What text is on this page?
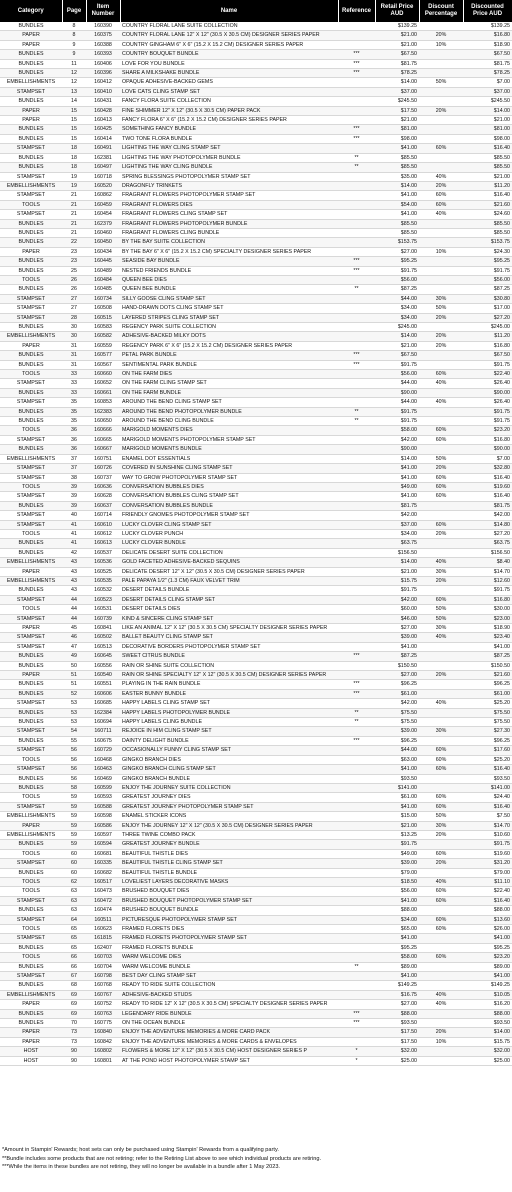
Category	Page	Item Number	Name	Reference	Retail Price AUD	Discount Percentage	Discounted Price AUD
BUNDLES	8	160390	COUNTRY FLORAL LANE SUITE COLLECTION		$139.25		$139.25
PAPER	8	160375	COUNTRY FLORAL LANE 12" X 12" (30.5 X 30.5 CM) DESIGNER SERIES PAPER		$21.00	20%	$16.80
PAPER	9	160388	COUNTRY GINGHAM 6" X 6" (15.2 X 15.2 CM) DESIGNER SERIES PAPER		$21.00	10%	$18.90
BUNDLES	9	160393	COUNTRY BOUQUET BUNDLE	***	$67.50		$67.50
BUNDLES	11	160406	LOVE FOR YOU BUNDLE	***	$81.75		$81.75
BUNDLES	12	160396	SHARE A MILKSHAKE BUNDLE	***	$78.25		$78.25
EMBELLISHMENTS	12	160412	OPAQUE ADHESIVE-BACKED GEMS		$14.00	50%	$7.00
STAMPSET	13	160410	LOVE CATS CLING STAMP SET		$37.00		$37.00
BUNDLES	14	160431	FANCY FLORA SUITE COLLECTION		$245.50		$245.50
PAPER	15	160428	FINE SHIMMER 12" X 12" (30.5 X 30.5 CM) PAPER PACK		$17.50	20%	$14.00
PAPER	15	160413	FANCY FLORA 6" X 6" (15.2 X 15.2 CM) DESIGNER SERIES PAPER		$21.00		$21.00
BUNDLES	15	160425	SOMETHING FANCY BUNDLE	***	$81.00		$81.00
BUNDLES	15	160414	TWO TONE FLORA BUNDLE	***	$98.00		$98.00
STAMPSET	18	160491	LIGHTING THE WAY CLING STAMP SET		$41.00	60%	$16.40
BUNDLES	18	162381	LIGHTING THE WAY PHOTOPOLYMER BUNDLE	**	$85.50		$85.50
BUNDLES	18	160497	LIGHTING THE WAY CLING BUNDLE	**	$85.50		$85.50
STAMPSET	19	160718	SPRING BLESSINGS PHOTOPOLYMER STAMP SET		$35.00	40%	$21.00
EMBELLISHMENTS	19	160520	DRAGONFLY TRINKETS		$14.00	20%	$11.20
STAMPSET	21	160862	FRAGRANT FLOWERS PHOTOPOLYMER STAMP SET		$41.00	60%	$16.40
TOOLS	21	160459	FRAGRANT FLOWERS DIES		$54.00	60%	$21.60
STAMPSET	21	160454	FRAGRANT FLOWERS CLING STAMP SET		$41.00	40%	$24.60
BUNDLES	21	162379	FRAGRANT FLOWERS PHOTOPOLYMER BUNDLE		$85.50		$85.50
BUNDLES	21	160460	FRAGRANT FLOWERS CLING BUNDLE		$85.50		$85.50
BUNDLES	22	160450	BY THE BAY SUITE COLLECTION		$153.75		$153.75
PAPER	23	160434	BY THE BAY 6" X 6" (15.2 X 15.2 CM) SPECIALTY DESIGNER SERIES PAPER		$27.00	10%	$24.30
BUNDLES	23	160445	SEASIDE BAY BUNDLE	***	$95.25		$95.25
BUNDLES	25	160489	NESTED FRIENDS BUNDLE	***	$91.75		$91.75
TOOLS	26	160484	QUEEN BEE DIES		$56.00		$56.00
BUNDLES	26	160485	QUEEN BEE BUNDLE	**	$87.25		$87.25
STAMPSET	27	160734	SILLY GOOSE CLING STAMP SET		$44.00	30%	$30.80
STAMPSET	27	160508	HAND-DRAWN DOTS CLING STAMP SET		$34.00	50%	$17.00
STAMPSET	28	160515	LAYERED STRIPES CLING STAMP SET		$34.00	20%	$27.20
BUNDLES	30	160583	REGENCY PARK SUITE COLLECTION		$245.00		$245.00
EMBELLISHMENTS	30	160582	ADHESIVE-BACKED MILKY DOTS		$14.00	20%	$11.20
PAPER	31	160559	REGENCY PARK 6" X 6" (15.2 X 15.2 CM) DESIGNER SERIES PAPER		$21.00	20%	$16.80
BUNDLES	31	160577	PETAL PARK BUNDLE	***	$67.50		$67.50
BUNDLES	31	160567	SENTIMENTAL PARK BUNDLE	***	$91.75		$91.75
TOOLS	33	160660	ON THE FARM DIES		$56.00	60%	$22.40
STAMPSET	33	160652	ON THE FARM CLING STAMP SET		$44.00	40%	$26.40
BUNDLES	33	160661	ON THE FARM BUNDLE		$90.00		$90.00
STAMPSET	35	160853	AROUND THE BEND CLING STAMP SET		$44.00	40%	$26.40
BUNDLES	35	162383	AROUND THE BEND PHOTOPOLYMER BUNDLE	**	$91.75		$91.75
BUNDLES	35	160650	AROUND THE BEND CLING BUNDLE	**	$91.75		$91.75
TOOLS	36	160666	MARIGOLD MOMENTS DIES		$58.00	60%	$23.20
STAMPSET	36	160665	MARIGOLD MOMENTS PHOTOPOLYMER STAMP SET		$42.00	60%	$16.80
BUNDLES	36	160667	MARIGOLD MOMENTS BUNDLE		$90.00		$90.00
EMBELLISHMENTS	37	160751	ENAMEL DOT ESSENTIALS		$14.00	50%	$7.00
STAMPSET	37	160726	COVERED IN SUNSHINE CLING STAMP SET		$41.00	20%	$32.80
STAMPSET	38	160737	WAY TO GROW PHOTOPOLYMER STAMP SET		$41.00	60%	$16.40
TOOLS	39	160636	CONVERSATION BUBBLES DIES		$49.00	60%	$19.60
STAMPSET	39	160628	CONVERSATION BUBBLES CLING STAMP SET		$41.00	60%	$16.40
BUNDLES	39	160637	CONVERSATION BUBBLES BUNDLE		$81.75		$81.75
STAMPSET	40	160714	FRIENDLY GNOMES PHOTOPOLYMER STAMP SET		$42.00		$42.00
STAMPSET	41	160610	LUCKY CLOVER CLING STAMP SET		$37.00	60%	$14.80
TOOLS	41	160612	LUCKY CLOVER PUNCH		$34.00	20%	$27.20
BUNDLES	41	160613	LUCKY CLOVER BUNDLE		$63.75		$63.75
BUNDLES	42	160537	DELICATE DESERT SUITE COLLECTION		$156.50		$156.50
EMBELLISHMENTS	43	160536	GOLD FACETED ADHESIVE-BACKED SEQUINS		$14.00	40%	$8.40
PAPER	43	160525	DELICATE DESERT 12" X 12" (30.5 X 30.5 CM) DESIGNER SERIES PAPER		$21.00	30%	$14.70
EMBELLISHMENTS	43	160535	PALE PAPAYA 1/2" (1.3 CM) FAUX VELVET TRIM		$15.75	20%	$12.60
BUNDLES	43	160532	DESERT DETAILS BUNDLE		$91.75		$91.75
STAMPSET	44	160523	DESERT DETAILS CLING STAMP SET		$42.00	60%	$16.80
TOOLS	44	160531	DESERT DETAILS DIES		$60.00	50%	$30.00
STAMPSET	44	160739	KIND & SINCERE CLING STAMP SET		$46.00	50%	$23.00
PAPER	45	160841	LIKE AN ANIMAL 12" X 12" (30.5 X 30.5 CM) SPECIALTY DESIGNER SERIES PAPER		$27.00	30%	$18.90
STAMPSET	46	160502	BALLET BEAUTY CLING STAMP SET		$39.00	40%	$23.40
STAMPSET	47	160513	DECORATIVE BORDERS PHOTOPOLYMER STAMP SET		$41.00		$41.00
BUNDLES	49	160645	SWEET CITRUS BUNDLE	***	$87.25		$87.25
BUNDLES	50	160556	RAIN OR SHINE SUITE COLLECTION		$150.50		$150.50
PAPER	51	160540	RAIN OR SHINE SPECIALTY 12" X 12" (30.5 X 30.5 CM) DESIGNER SERIES PAPER		$27.00	20%	$21.60
BUNDLES	51	160551	PLAYING IN THE RAIN BUNDLE	***	$96.25		$96.25
BUNDLES	52	160606	EASTER BUNNY BUNDLE	***	$61.00		$61.00
STAMPSET	53	160685	HAPPY LABELS CLING STAMP SET		$42.00	40%	$25.20
BUNDLES	53	162384	HAPPY LABELS PHOTOPOLYMER BUNDLE	**	$75.50		$75.50
BUNDLES	53	160694	HAPPY LABELS CLING BUNDLE	**	$75.50		$75.50
STAMPSET	54	160711	REJOICE IN HIM CLING STAMP SET		$39.00	30%	$27.30
BUNDLES	55	160675	DAINTY DELIGHT BUNDLE	***	$96.25		$96.25
STAMPSET	56	160729	OCCASIONALLY FUNNY CLING STAMP SET		$44.00	60%	$17.60
TOOLS	56	160468	GINGKO BRANCH DIES		$63.00	60%	$25.20
STAMPSET	56	160463	GINGKO BRANCH CLING STAMP SET		$41.00	60%	$16.40
BUNDLES	56	160469	GINGKO BRANCH BUNDLE		$93.50		$93.50
BUNDLES	58	160599	ENJOY THE JOURNEY SUITE COLLECTION		$141.00		$141.00
TOOLS	59	160593	GREATEST JOURNEY DIES		$61.00	60%	$24.40
STAMPSET	59	160588	GREATEST JOURNEY PHOTOPOLYMER STAMP SET		$41.00	60%	$16.40
EMBELLISHMENTS	59	160598	ENAMEL STICKER ICONS		$15.00	50%	$7.50
PAPER	59	160586	ENJOY THE JOURNEY 12" X 12" (30.5 X 30.5 CM) DESIGNER SERIES PAPER		$21.00	30%	$14.70
EMBELLISHMENTS	59	160597	THREE TWINE COMBO PACK		$13.25	20%	$10.60
BUNDLES	59	160594	GREATEST JOURNEY BUNDLE		$91.75		$91.75
TOOLS	60	160681	BEAUTIFUL THISTLE DIES		$49.00	60%	$19.60
STAMPSET	60	160335	BEAUTIFUL THISTLE CLING STAMP SET		$39.00	20%	$31.20
BUNDLES	60	160682	BEAUTIFUL THISTLE BUNDLE		$79.00		$79.00
TOOLS	62	160517	LOVELIEST LAYERS DECORATIVE MASKS		$18.50	40%	$11.10
TOOLS	63	160473	BRUSHED BOUQUET DIES		$56.00	60%	$22.40
STAMPSET	63	160472	BRUSHED BOUQUET PHOTOPOLYMER STAMP SET		$41.00	60%	$16.40
BUNDLES	63	160474	BRUSHED BOUQUET BUNDLE		$88.00		$88.00
STAMPSET	64	160511	PICTURESQUE PHOTOPOLYMER STAMP SET		$34.00	60%	$13.60
TOOLS	65	160623	FRAMED FLORETS DIES		$65.00	60%	$26.00
STAMPSET	65	161815	FRAMED FLORETS PHOTOPOLYMER STAMP SET		$41.00		$41.00
BUNDLES	65	162407	FRAMED FLORETS BUNDLE		$95.25		$95.25
TOOLS	66	160703	WARM WELCOME DIES		$58.00	60%	$23.20
BUNDLES	66	160704	WARM WELCOME BUNDLE	**	$89.00		$89.00
STAMPSET	67	160798	BEST DAY CLING STAMP SET		$41.00		$41.00
BUNDLES	68	160768	READY TO RIDE SUITE COLLECTION		$149.25		$149.25
EMBELLISHMENTS	69	160767	ADHESIVE-BACKED STUDS		$16.75	40%	$10.05
PAPER	69	160752	READY TO RIDE 12" X 12" (30.5 X 30.5 CM) SPECIALTY DESIGNER SERIES PAPER		$27.00	40%	$16.20
BUNDLES	69	160763	LEGENDARY RIDE BUNDLE	***	$88.00		$88.00
BUNDLES	70	160775	ON THE OCEAN BUNDLE	***	$93.50		$93.50
PAPER	73	160840	ENJOY THE ADVENTURE MEMORIES & MORE CARD PACK		$17.50	20%	$14.00
PAPER	73	160842	ENJOY THE ADVENTURE MEMORIES & MORE CARDS & ENVELOPES		$17.50	10%	$15.75
HOST	90	160802	FLOWERS & MORE 12" X 12" (30.5 X 30.5 CM) HOST DESIGNER SERIES P	*	$32.00		$32.00
HOST	90	160801	AT THE POND HOST PHOTOPOLYMER STAMP SET	*	$25.00		$25.00
*Amount in Stampin' Rewards; host sets can only be purchased using Stampin' Rewards from a qualifying party.
**Bundle includes some products that are not retiring; refer to the Retiring List above to see which individual products are retiring.
***While the items in these bundles are not retiring, they will no longer be available in a bundle after 1 May 2023.
